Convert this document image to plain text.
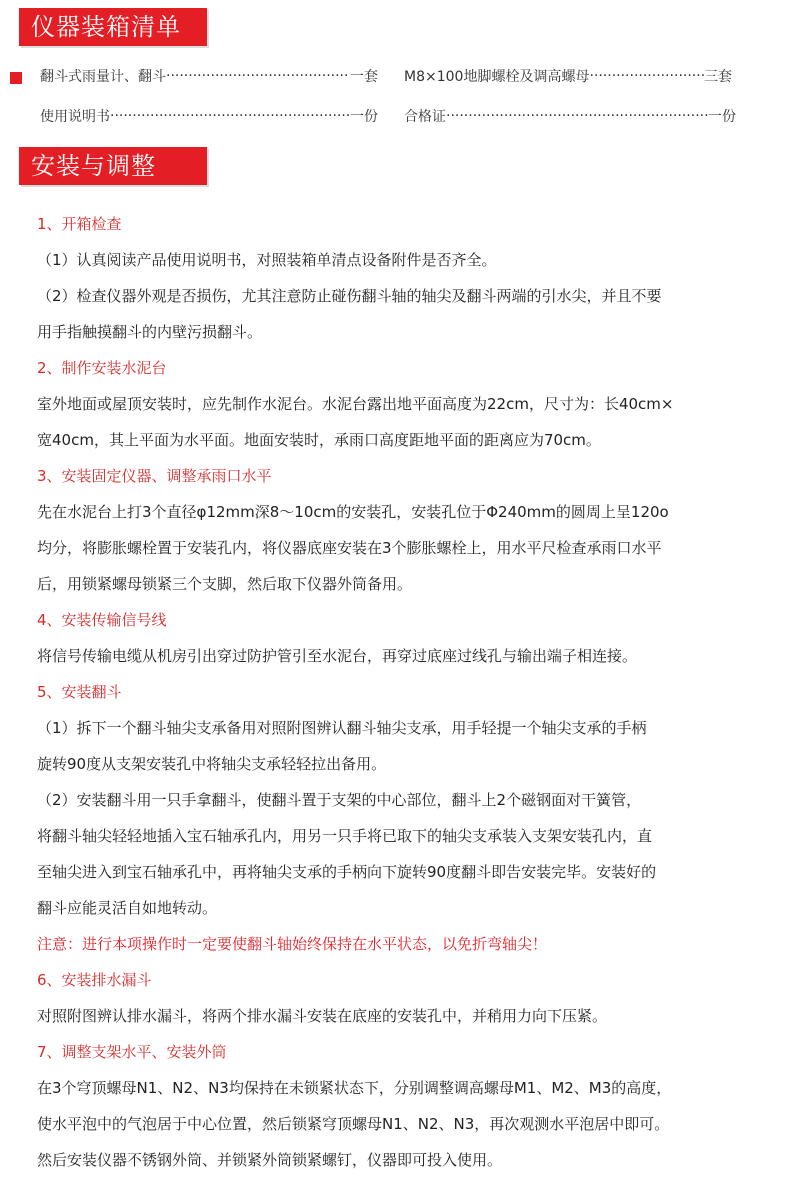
仪器装箱清单
翻斗式雨量计、翻斗 ·····	一套 M8×100地脚螺栓及调高螺母 ·····	三套
使用说明书 ·····	一份 合格证 ·····	一份
安装与调整
1、开箱检查
（1）认真阅读产品使用说明书，对照装箱单清点设备附件是否齐全。
（2）检查仪器外观是否损伤，尤其注意防止碰伤翻斗轴的轴尖及翻斗两端的引水尖，并且不要
用手指触摸翻斗的内壁污损翻斗。
2、制作安装水泥台
室外地面或屋顶安装时，应先制作水泥台。水泥台露出地平面高度为22cm，尺寸为：长40cm×
宽40cm，其上平面为水平面。地面安装时，承雨口高度距地平面的距离应为70cm。
3、安装固定仪器、调整承雨口水平
先在水泥台上打3个直径φ12mm深8～10cm的安装孔，安装孔位于Φ240mm的圆周上呈120o
均分，将膨胀螺栓置于安装孔内，将仪器底座安装在3个膨胀螺栓上，用水平尺检查承雨口水平
后，用锁紧螺母锁紧三个支脚，然后取下仪器外筒备用。
4、安装传输信号线
将信号传输电缆从机房引出穿过防护管引至水泥台，再穿过底座过线孔与输出端子相连接。
5、安装翻斗
（1）拆下一个翻斗轴尖支承备用对照附图辨认翻斗轴尖支承，用手轻提一个轴尖支承的手柄
旋转90度从支架安装孔中将轴尖支承轻轻拉出备用。
（2）安装翻斗用一只手拿翻斗，使翻斗置于支架的中心部位，翻斗上2个磁钢面对干簧管，
将翻斗轴尖轻轻地插入宝石轴承孔内，用另一只手将已取下的轴尖支承装入支架安装孔内，直
至轴尖进入到宝石轴承孔中，再将轴尖支承的手柄向下旋转90度翻斗即告安装完毕。安装好的
翻斗应能灵活自如地转动。
注意：进行本项操作时一定要使翻斗轴始终保持在水平状态，以免折弯轴尖！
6、安装排水漏斗
对照附图辨认排水漏斗，将两个排水漏斗安装在底座的安装孔中，并稍用力向下压紧。
7、调整支架水平、安装外筒
在3个穹顶螺母N1、N2、N3均保持在未锁紧状态下，分别调整调高螺母M1、M2、M3的高度，
使水平泡中的气泡居于中心位置，然后锁紧穹顶螺母N1、N2、N3，再次观测水平泡居中即可。
然后安装仪器不锈钢外筒、并锁紧外筒锁紧螺钉，仪器即可投入使用。
